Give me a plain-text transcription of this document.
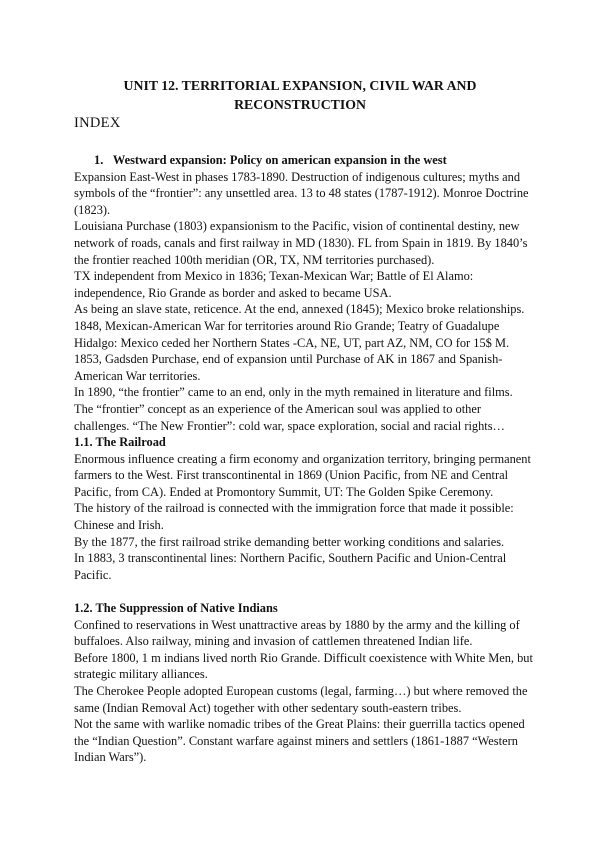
UNIT 12. TERRITORIAL EXPANSION, CIVIL WAR AND
RECONSTRUCTION
INDEX
1. Westward expansion: Policy on american expansion in the west

Expansion East-West in phases 1783-1890. Destruction of indigenous cultures; myths and symbols of the “frontier”: any unsettled area. 13 to 48 states (1787-1912). Monroe Doctrine (1823).

Louisiana Purchase (1803) expansionism to the Pacific, vision of continental destiny, new network of roads, canals and first railway in MD (1830). FL from Spain in 1819. By 1840’s the frontier reached 100th meridian (OR, TX, NM territories purchased).

TX independent from Mexico in 1836; Texan-Mexican War; Battle of El Alamo: independence, Rio Grande as border and asked to became USA.

As being an slave state, reticence. At the end, annexed (1845); Mexico broke relationships.

1848, Mexican-American War for territories around Rio Grande; Teatry of Guadalupe Hidalgo: Mexico ceded her Northern States -CA, NE, UT, part AZ, NM, CO for 15$ M.

1853, Gadsden Purchase, end of expansion until Purchase of AK in 1867 and Spanish-American War territories.

In 1890, “the frontier” came to an end, only in the myth remained in literature and films.

The “frontier” concept as an experience of the American soul was applied to other challenges. “The New Frontier”: cold war, space exploration, social and racial rights…

1.1. The Railroad

Enormous influence creating a firm economy and organization territory, bringing permanent farmers to the West. First transcontinental in 1869 (Union Pacific, from NE and Central Pacific, from CA). Ended at Promontory Summit, UT: The Golden Spike Ceremony.

The history of the railroad is connected with the immigration force that made it possible: Chinese and Irish.

By the 1877, the first railroad strike demanding better working conditions and salaries.

In 1883, 3 transcontinental lines: Northern Pacific, Southern Pacific and Union-Central Pacific.

1.2. The Suppression of Native Indians

Confined to reservations in West unattractive areas by 1880 by the army and the killing of buffaloes. Also railway, mining and invasion of cattlemen threatened Indian life.

Before 1800, 1 m indians lived north Rio Grande. Difficult coexistence with White Men, but strategic military alliances.

The Cherokee People adopted European customs (legal, farming…) but where removed the same (Indian Removal Act) together with other sedentary south-eastern tribes.

Not the same with warlike nomadic tribes of the Great Plains: their guerrilla tactics opened the “Indian Question”. Constant warfare against miners and settlers (1861-1887 “Western Indian Wars”).
